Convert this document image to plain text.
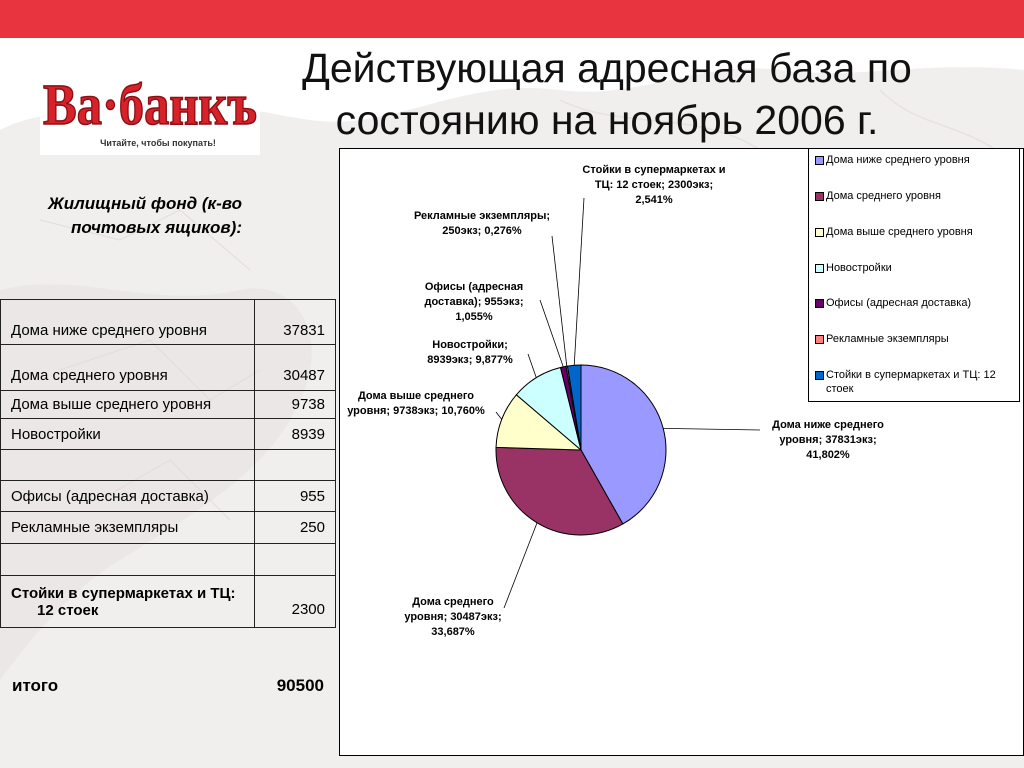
Ва·банкъ
Читайте, чтобы покупать!
Действующая адресная база по
состоянию на ноябрь 2006 г.
Жилищный фонд (к-во почтовых ящиков):
Дома ниже среднего уровня	37831
Дома среднего уровня	30487
Дома выше среднего уровня	9738
Новостройки	8939

Офисы (адресная доставка)	955
Рекламные экземпляры	250

Стойки в супермаркетах и ТЦ: 12 стоек	2300
итого	90500
Дома ниже среднего уровня
Дома среднего уровня
Дома выше среднего уровня
Новостройки
Офисы (адресная доставка)
Рекламные экземпляры
Стойки в супермаркетах и ТЦ: 12 стоек
Дома ниже среднего уровня; 37831экз; 41,802%
Дома среднего уровня; 30487экз; 33,687%
Дома выше среднего уровня; 9738экз; 10,760%
Новостройки; 8939экз; 9,877%
Офисы (адресная доставка); 955экз; 1,055%
Рекламные экземпляры; 250экз; 0,276%
Стойки в супермаркетах и ТЦ: 12 стоек; 2300экз; 2,541%
